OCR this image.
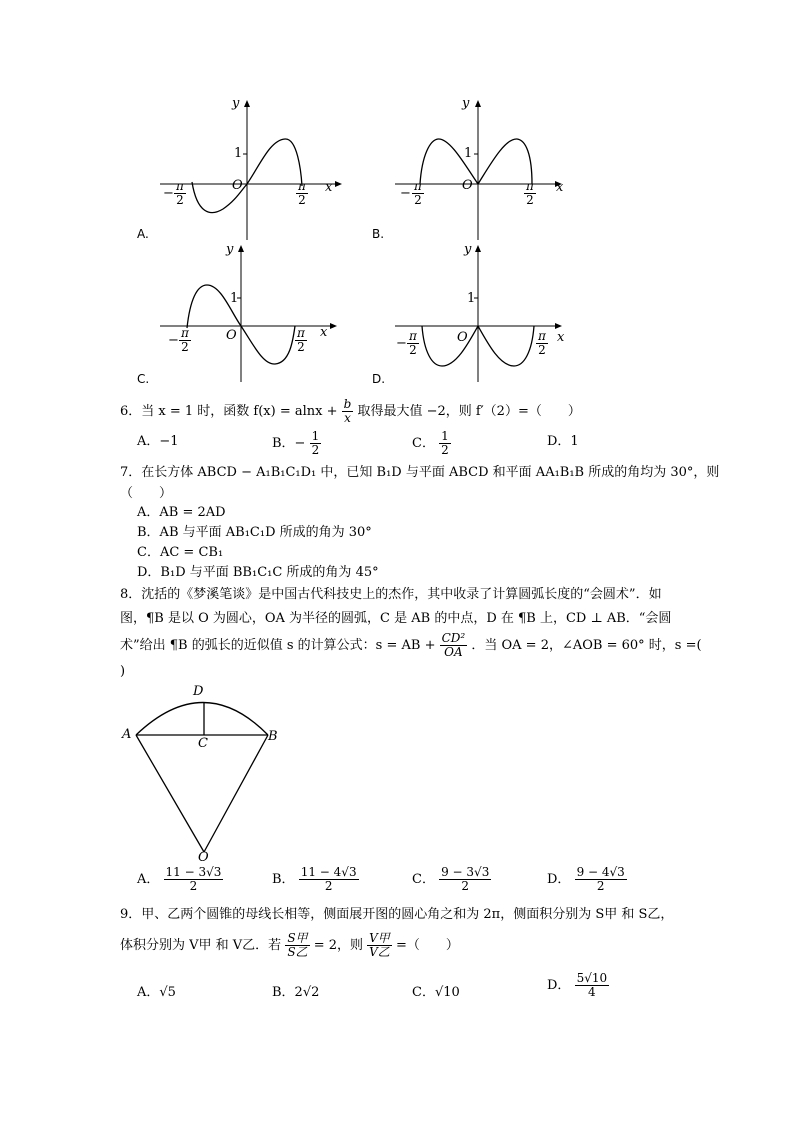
A.
y
1
O	x
− $\frac{\pi}{2}$	$\frac{\pi}{2}$
B.
y
1
O	x
− $\frac{\pi}{2}$	$\frac{\pi}{2}$
C.
y
1
O	x
− $\frac{\pi}{2}$	$\frac{\pi}{2}$
D.
y
1
O	x
− $\frac{\pi}{2}$	$\frac{\pi}{2}$
6．当 x = 1 时，函数 $f(x) = alnx + \frac{b}{x}$ 取得最大值 −2，则 f′（2）=（　　）
A．−1	B．− $\frac{1}{2}$	C． $\frac{1}{2}$	D．1
7．在长方体 ABCD − A₁B₁C₁D₁ 中，已知 B₁D 与平面 ABCD 和平面 AA₁B₁B 所成的角均为 30°，则
（　　）
A．AB = 2AD
B．AB 与平面 AB₁C₁D 所成的角为 30°
C．AC = CB₁
D．B₁D 与平面 BB₁C₁C 所成的角为 45°
8．沈括的《梦溪笔谈》是中国古代科技史上的杰作，其中收录了计算圆弧长度的“会圆术”．如
图，¶B 是以 O 为圆心，OA 为半径的圆弧，C 是 AB 的中点，D 在 ¶B 上，CD ⊥ AB．“会圆
术”给出 ¶B 的弧长的近似值 s 的计算公式：s = AB + $\frac{\text{CD²}}{OA}$ ．当 OA = 2，∠AOB = 60° 时，s =(
)
D
A	B
C
O
A． $\frac{11 - 3√3}{2}$	B． $\frac{11 - 4√3}{2}$	C． $\frac{9 - 3√3}{2}$	D． $\frac{9 - 4√3}{2}$
9．甲、乙两个圆锥的母线长相等，侧面展开图的圆心角之和为 2π，侧面积分别为 S甲 和 S乙，
体积分别为 V甲 和 V乙．若 $\frac{\text{S甲}}{\text{S乙}} = 2$，则 $\frac{\text{V甲}}{\text{V乙}}$ =（　　）
A．√5	B．2√2	C．√10	D． $\frac{5√10}{4}$
